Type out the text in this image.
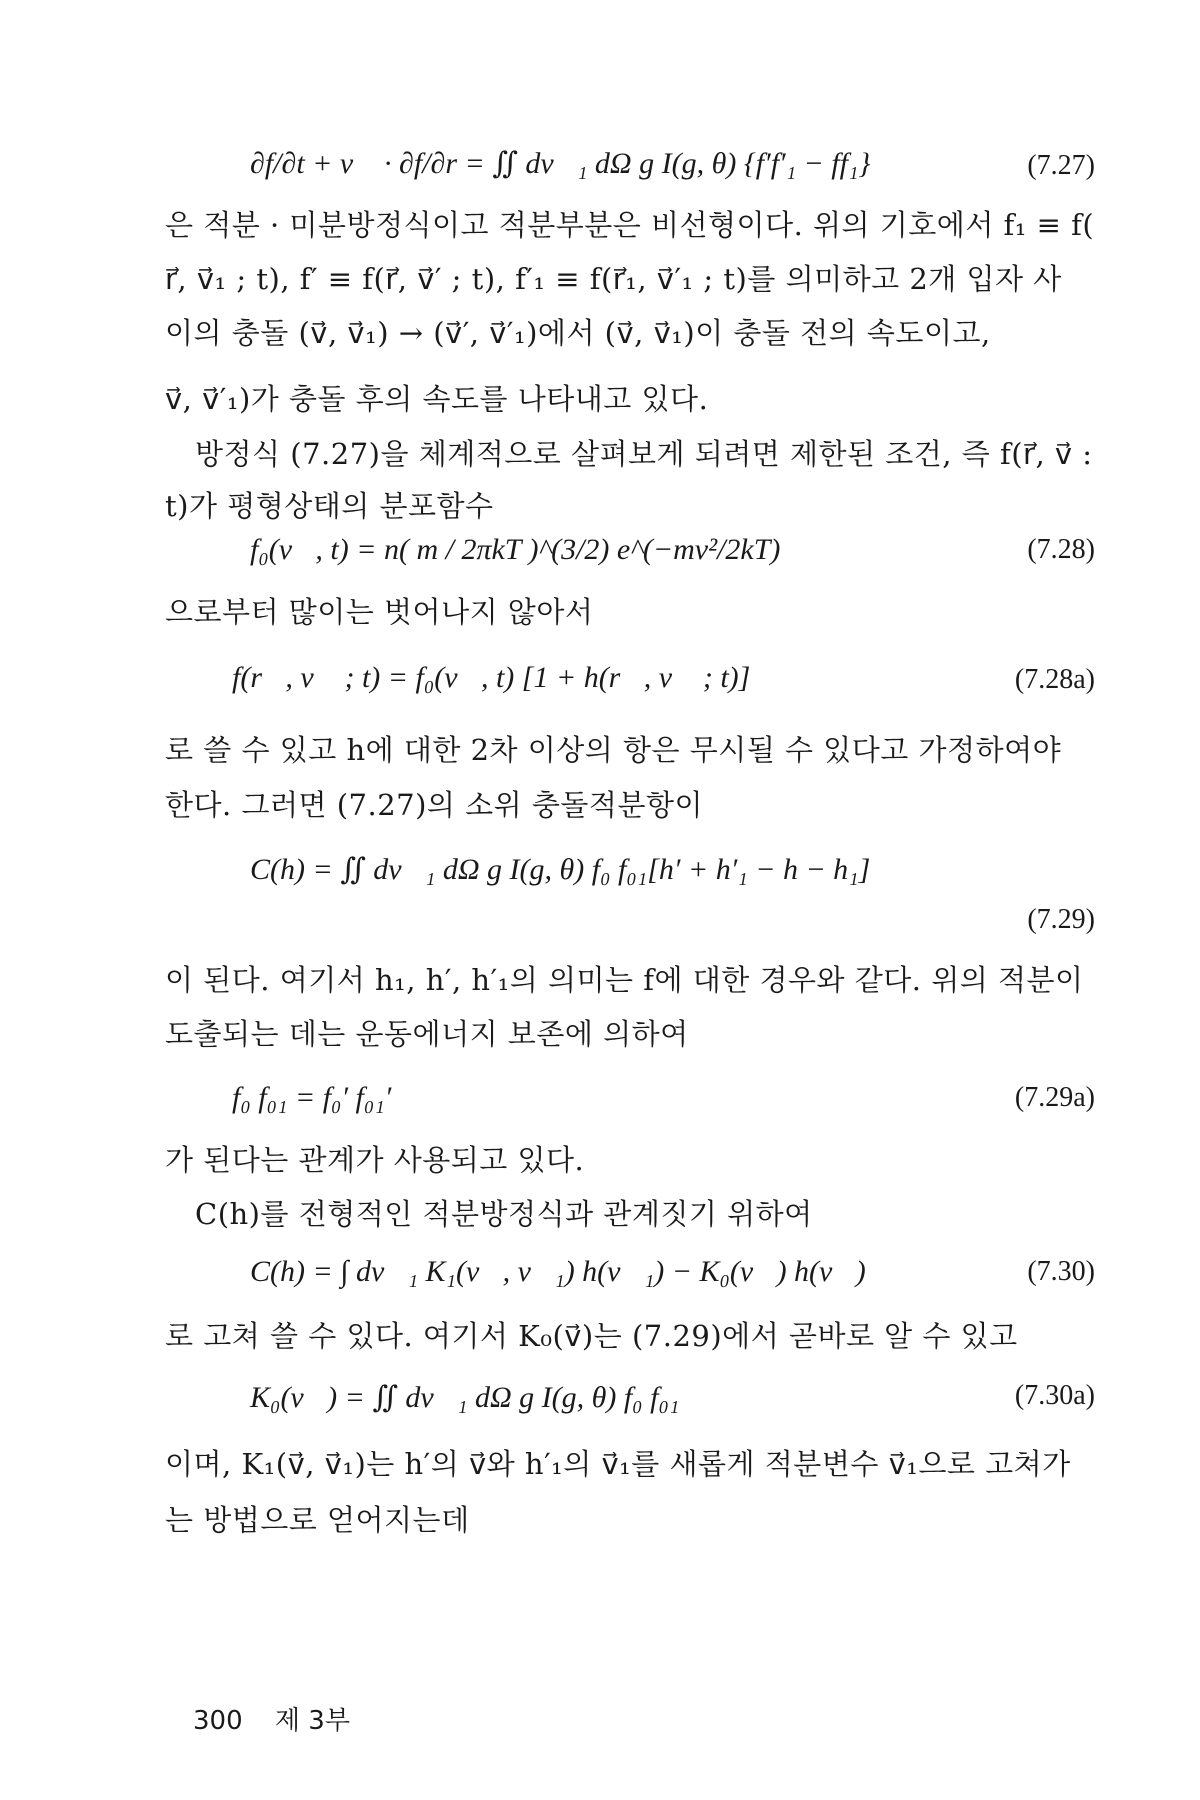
∂f/∂t + v⃗ · ∂f/∂r = ∬ dv⃗₁ dΩ g I(g, θ) {f′f′₁ − ff₁}	(7.27)
은 적분 · 미분방정식이고 적분부분은 비선형이다. 위의 기호에서 f₁ ≡ f(
r⃗, v⃗₁ ; t), f′ ≡ f(r⃗, v⃗′ ; t), f′₁ ≡ f(r⃗₁, v⃗′₁ ; t)를 의미하고 2개 입자 사
이의 충돌 (v⃗, v⃗₁) → (v⃗′, v⃗′₁)에서 (v⃗, v⃗₁)이 충돌 전의 속도이고,
v⃗, v⃗′₁)가 충돌 후의 속도를 나타내고 있다.
방정식 (7.27)을 체계적으로 살펴보게 되려면 제한된 조건, 즉 f(r⃗, v⃗ :
t)가 평형상태의 분포함수
f₀(v⃗, t) = n( m / 2πkT )^(3/2) e^(−mv²/2kT)	(7.28)
으로부터 많이는 벗어나지 않아서
f(r⃗, v⃗ ; t) = f₀(v⃗, t) [1 + h(r⃗, v⃗ ; t)]	(7.28a)
로 쓸 수 있고 h에 대한 2차 이상의 항은 무시될 수 있다고 가정하여야
한다. 그러면 (7.27)의 소위 충돌적분항이
C(h) = ∬ dv⃗₁ dΩ g I(g, θ) f₀ f₀₁[h′ + h′₁ − h − h₁]
(7.29)
이 된다. 여기서 h₁, h′, h′₁의 의미는 f에 대한 경우와 같다. 위의 적분이
도출되는 데는 운동에너지 보존에 의하여
f₀ f₀₁ = f₀′ f₀₁′	(7.29a)
가 된다는 관계가 사용되고 있다.
C(h)를 전형적인 적분방정식과 관계짓기 위하여
C(h) = ∫ dv⃗₁ K₁(v⃗, v⃗₁) h(v⃗₁) − K₀(v⃗) h(v⃗)	(7.30)
로 고쳐 쓸 수 있다. 여기서 K₀(v⃗)는 (7.29)에서 곧바로 알 수 있고
K₀(v⃗) = ∬ dv⃗₁ dΩ g I(g, θ) f₀ f₀₁	(7.30a)
이며, K₁(v⃗, v⃗₁)는 h′의 v⃗와 h′₁의 v⃗₁를 새롭게 적분변수 v⃗₁으로 고쳐가
는 방법으로 얻어지는데
300 제 3부
